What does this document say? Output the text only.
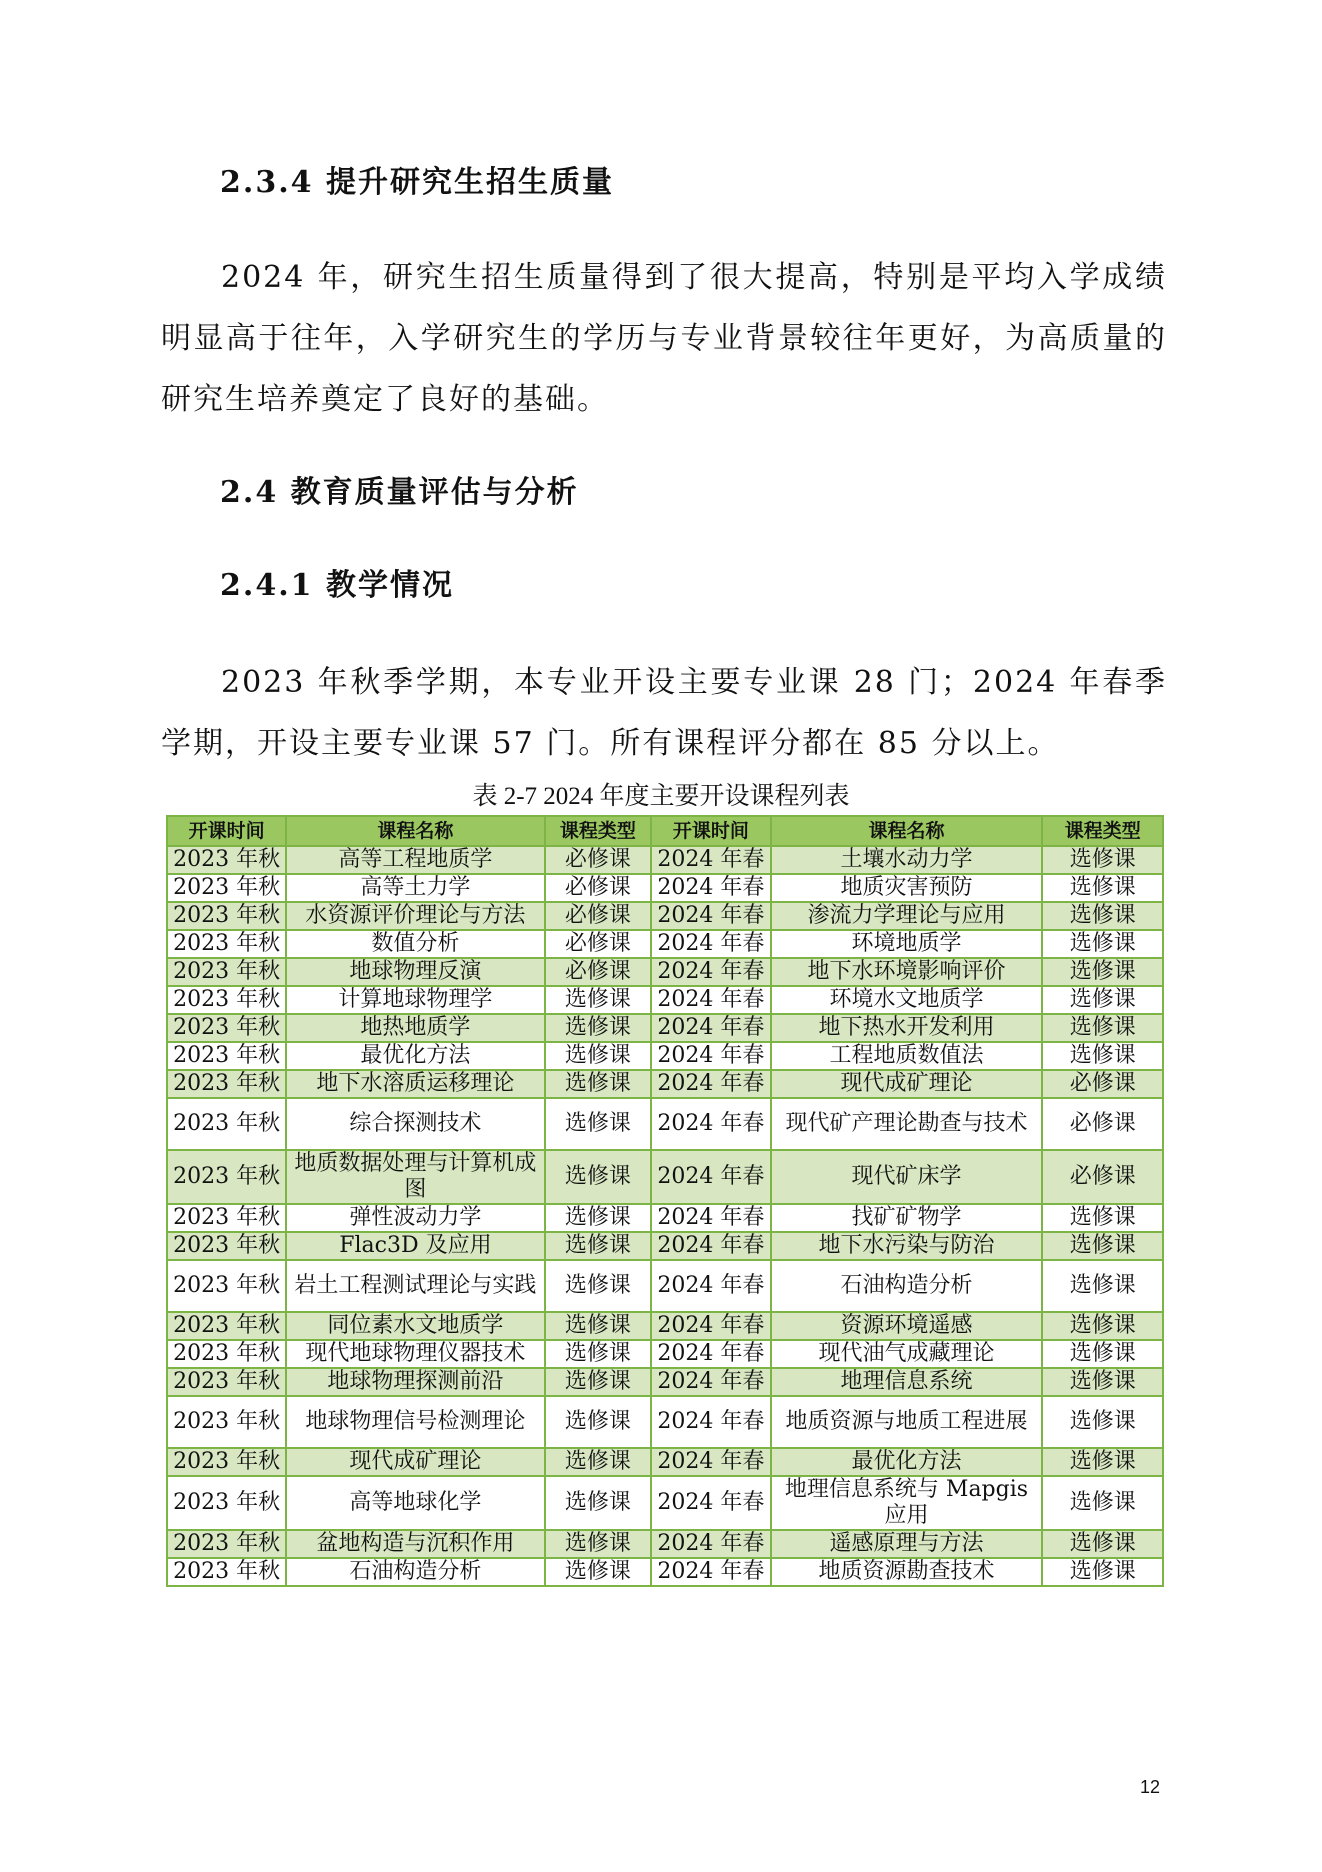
2.3.4 提升研究生招生质量

2024 年，研究生招生质量得到了很大提高，特别是平均入学成绩明显高于往年，入学研究生的学历与专业背景较往年更好，为高质量的研究生培养奠定了良好的基础。

2.4 教育质量评估与分析
2.4.1 教学情况

2023 年秋季学期，本专业开设主要专业课 28 门；2024 年春季学期，开设主要专业课 57 门。所有课程评分都在 85 分以上。

表 2-7 2024 年度主要开设课程列表
开课时间	课程名称	课程类型	开课时间	课程名称	课程类型
2023 年秋	高等工程地质学	必修课	2024 年春	土壤水动力学	选修课
2023 年秋	高等土力学	必修课	2024 年春	地质灾害预防	选修课
2023 年秋	水资源评价理论与方法	必修课	2024 年春	渗流力学理论与应用	选修课
2023 年秋	数值分析	必修课	2024 年春	环境地质学	选修课
2023 年秋	地球物理反演	必修课	2024 年春	地下水环境影响评价	选修课
2023 年秋	计算地球物理学	选修课	2024 年春	环境水文地质学	选修课
2023 年秋	地热地质学	选修课	2024 年春	地下热水开发利用	选修课
2023 年秋	最优化方法	选修课	2024 年春	工程地质数值法	选修课
2023 年秋	地下水溶质运移理论	选修课	2024 年春	现代成矿理论	必修课
2023 年秋	综合探测技术	选修课	2024 年春	现代矿产理论勘查与技术	必修课
2023 年秋	地质数据处理与计算机成图	选修课	2024 年春	现代矿床学	必修课
2023 年秋	弹性波动力学	选修课	2024 年春	找矿矿物学	选修课
2023 年秋	Flac3D 及应用	选修课	2024 年春	地下水污染与防治	选修课
2023 年秋	岩土工程测试理论与实践	选修课	2024 年春	石油构造分析	选修课
2023 年秋	同位素水文地质学	选修课	2024 年春	资源环境遥感	选修课
2023 年秋	现代地球物理仪器技术	选修课	2024 年春	现代油气成藏理论	选修课
2023 年秋	地球物理探测前沿	选修课	2024 年春	地理信息系统	选修课
2023 年秋	地球物理信号检测理论	选修课	2024 年春	地质资源与地质工程进展	选修课
2023 年秋	现代成矿理论	选修课	2024 年春	最优化方法	选修课
2023 年秋	高等地球化学	选修课	2024 年春	地理信息系统与 Mapgis 应用	选修课
2023 年秋	盆地构造与沉积作用	选修课	2024 年春	遥感原理与方法	选修课
2023 年秋	石油构造分析	选修课	2024 年春	地质资源勘查技术	选修课
12
